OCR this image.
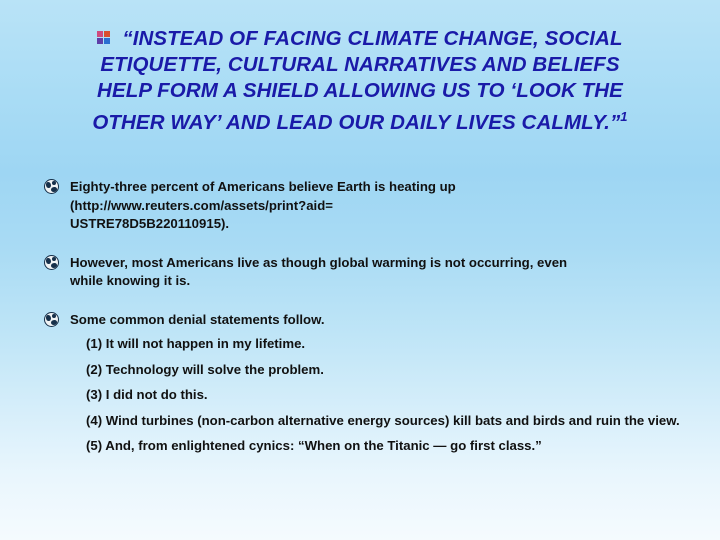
“INSTEAD OF FACING CLIMATE CHANGE, SOCIAL
ETIQUETTE, CULTURAL NARRATIVES AND BELIEFS
HELP FORM A SHIELD ALLOWING US TO ‘LOOK THE
OTHER WAY’ AND LEAD OUR DAILY LIVES CALMLY.”$^1$
Eighty-three percent of Americans believe Earth is heating up
(http://www.reuters.com/assets/print?aid=
USTRE78D5B220110915).
However, most Americans live as though global warming is not occurring, even
while knowing it is.
Some common denial statements follow.
(1) It will not happen in my lifetime.
(2) Technology will solve the problem.
(3) I did not do this.
(4) Wind turbines (non-carbon alternative energy sources) kill bats and birds and ruin the view.
(5) And, from enlightened cynics: “When on the Titanic — go first class.”
